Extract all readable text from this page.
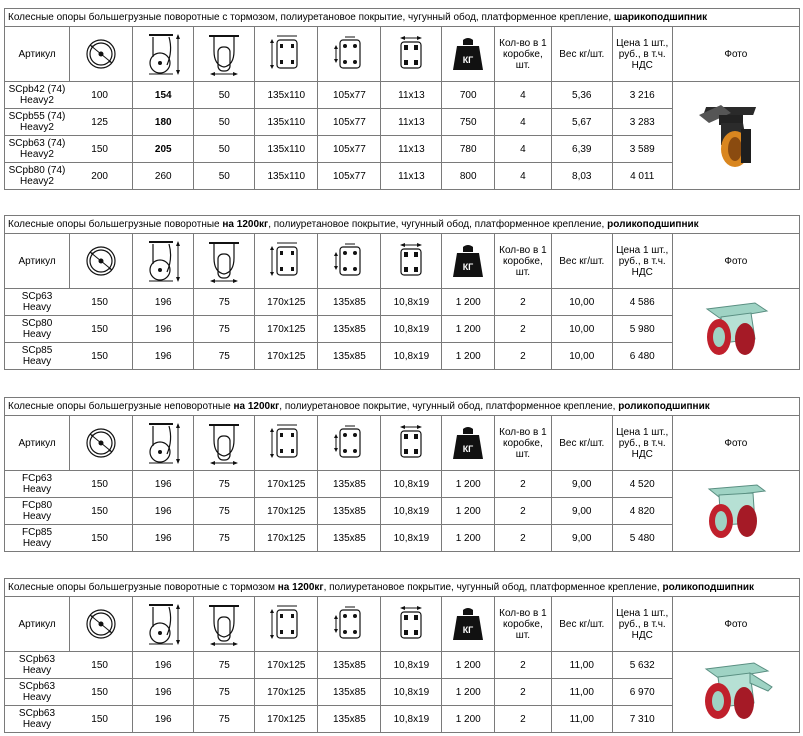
Колесные опоры большегрузные поворотные с тормозом, полиуретановое покрытие, чугунный обод, платформенное крепление, шарикоподшипник
Артикул							КГ	Кол-во в 1 коробке, шт.	Вес кг/шт.	Цена 1 шт., руб., в т.ч. НДС	Фото

SCpb42 (74) Heavy2 100		154	50	135x110	105x77	11x13	700	4	5,36	3 216	

SCpb55 (74) Heavy2 125		180	50	135x110	105x77	11x13	750	4	5,67	3 283	

SCpb63 (74) Heavy2 150		205	50	135x110	105x77	11x13	780	4	6,39	3 589	

SCpb80 (74) Heavy2 200		260	50	135x110	105x77	11x13	800	4	8,03	4 011	
Колесные опоры большегрузные поворотные на 1200кг, полиуретановое покрытие, чугунный обод, платформенное крепление, роликоподшипник
Артикул							КГ	Кол-во в 1 коробке, шт.	Вес кг/шт.	Цена 1 шт., руб., в т.ч. НДС	Фото

SCp63 Heavy 150		196	75	170x125	135x85	10,8x19	1 200	2	10,00	4 586	

SCp80 Heavy 150		196	75	170x125	135x85	10,8x19	1 200	2	10,00	5 980	

SCp85 Heavy 150		196	75	170x125	135x85	10,8x19	1 200	2	10,00	6 480	
Колесные опоры большегрузные неповоротные на 1200кг, полиуретановое покрытие, чугунный обод, платформенное крепление, роликоподшипник
Артикул							КГ	Кол-во в 1 коробке, шт.	Вес кг/шт.	Цена 1 шт., руб., в т.ч. НДС	Фото

FCp63 Heavy 150		196	75	170x125	135x85	10,8x19	1 200	2	9,00	4 520	

FCp80 Heavy 150		196	75	170x125	135x85	10,8x19	1 200	2	9,00	4 820	

FCp85 Heavy 150		196	75	170x125	135x85	10,8x19	1 200	2	9,00	5 480	
Колесные опоры большегрузные поворотные с тормозом на 1200кг, полиуретановое покрытие, чугунный обод, платформенное крепление, роликоподшипник
Артикул							КГ	Кол-во в 1 коробке, шт.	Вес кг/шт.	Цена 1 шт., руб., в т.ч. НДС	Фото

SCpb63 Heavy 150		196	75	170x125	135x85	10,8x19	1 200	2	11,00	5 632	

SCpb63 Heavy 150		196	75	170x125	135x85	10,8x19	1 200	2	11,00	6 970	

SCpb63 Heavy 150		196	75	170x125	135x85	10,8x19	1 200	2	11,00	7 310	
